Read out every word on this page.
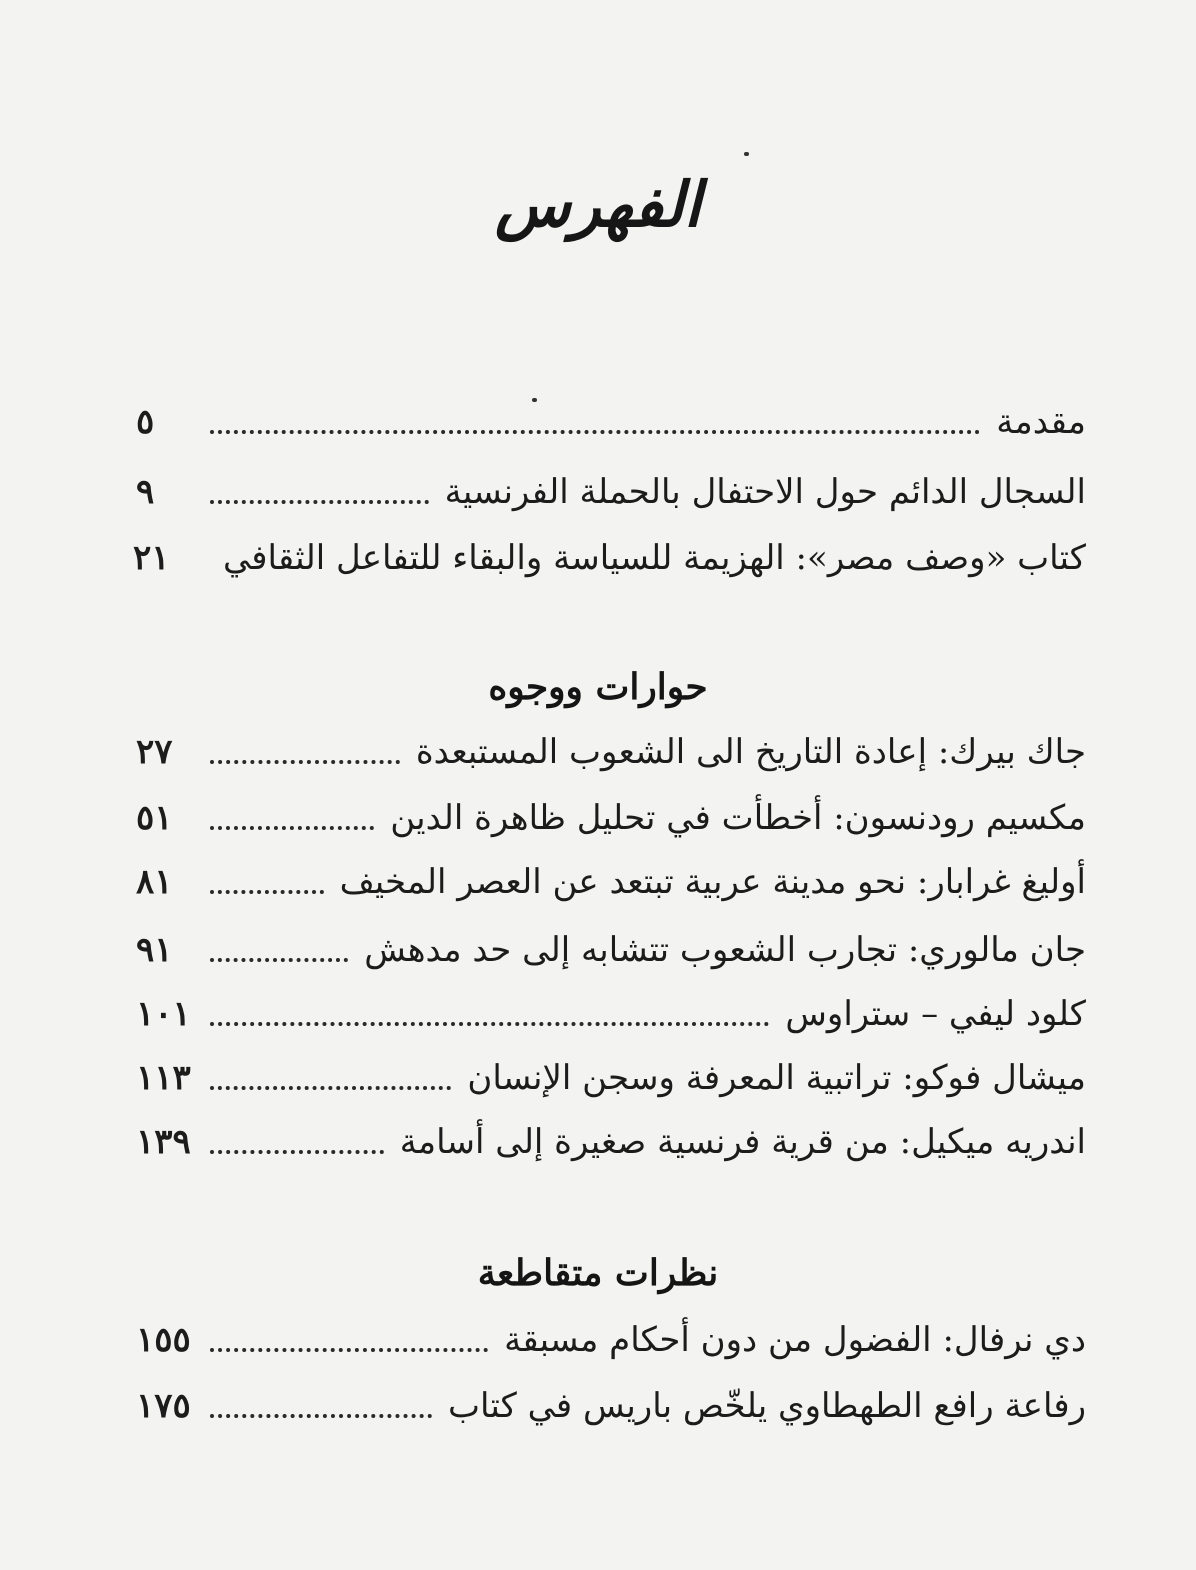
الفهرس
مقدمة
٥
السجال الدائم حول الاحتفال بالحملة الفرنسية
٩
كتاب «وصف مصر»: الهزيمة للسياسة والبقاء للتفاعل الثقافي
٢١
حوارات ووجوه
جاك بيرك: إعادة التاريخ الى الشعوب المستبعدة
٢٧
مكسيم رودنسون: أخطأت في تحليل ظاهرة الدين
٥١
أوليغ غرابار: نحو مدينة عربية تبتعد عن العصر المخيف
٨١
جان مالوري: تجارب الشعوب تتشابه إلى حد مدهش
٩١
كلود ليفي – ستراوس
١٠١
ميشال فوكو: تراتبية المعرفة وسجن الإنسان
١١٣
اندريه ميكيل: من قرية فرنسية صغيرة إلى أسامة
١٣٩
نظرات متقاطعة
دي نرفال: الفضول من دون أحكام مسبقة
١٥٥
رفاعة رافع الطهطاوي يلخّص باريس في كتاب
١٧٥
